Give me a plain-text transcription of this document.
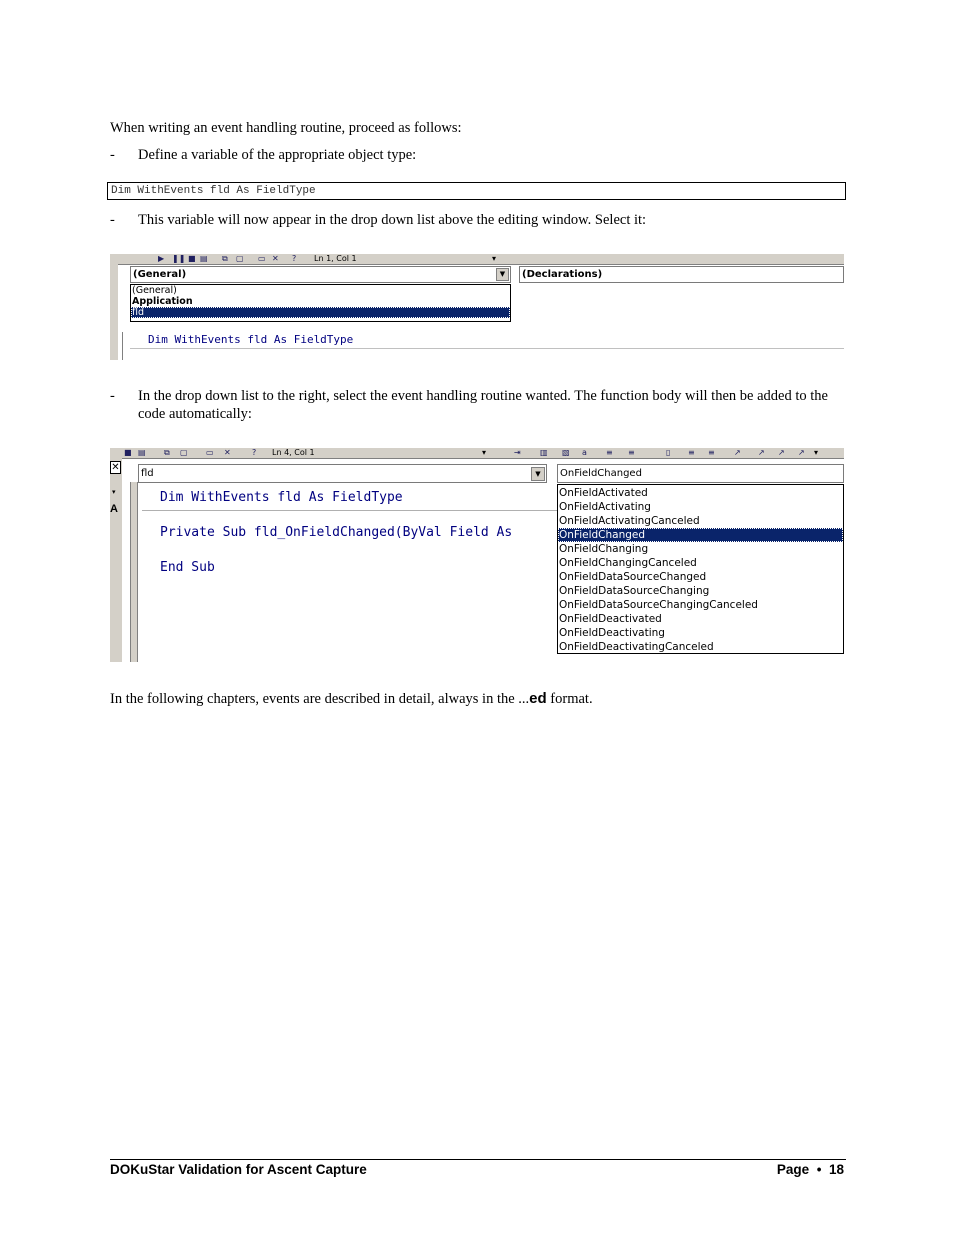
When writing an event handling routine, proceed as follows:

- Define a variable of the appropriate object type:
Dim WithEvents fld As FieldType
- This variable will now appear in the drop down list above the editing window. Select it:
▶ ❚❚ ■ ▤ ⧉ ▢ ▭ ✕ ? Ln 1, Col 1	▾
(General)	▼	(Declarations)
(General)
Application
fld
Dim WithEvents fld As FieldType
- In the drop down list to the right, select the event handling routine wanted. The function body will then be added to the code automatically:
■ ▤ ⧉ ▢ ▭ ✕	? Ln 4, Col 1	▾	⇥ ▥ ▧ a ≡ ≡	▯ ≡ ≡ ↗ ↗ ↗ ↗ ▾
✕
▾
A
fld	▼	OnFieldChanged
Dim WithEvents fld As FieldType
Private Sub fld_OnFieldChanged(ByVal Field As
End Sub
OnFieldActivated
OnFieldActivating
OnFieldActivatingCanceled
OnFieldChanged
OnFieldChanging
OnFieldChangingCanceled
OnFieldDataSourceChanged
OnFieldDataSourceChanging
OnFieldDataSourceChangingCanceled
OnFieldDeactivated
OnFieldDeactivating
OnFieldDeactivatingCanceled

In the following chapters, events are described in detail, always in the ...ed format.

DOKuStar Validation for Ascent Capture	Page • 18
